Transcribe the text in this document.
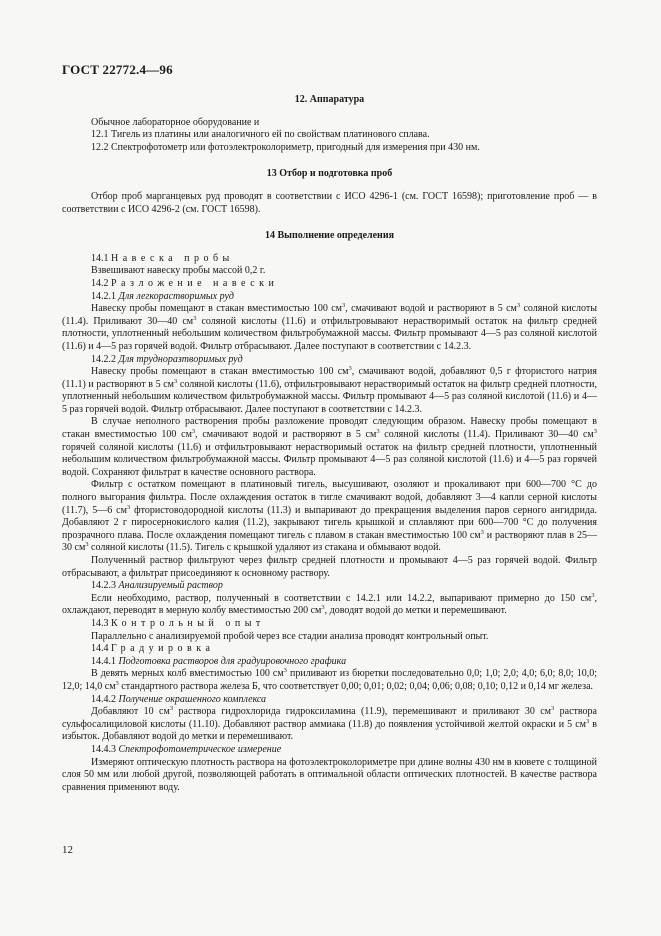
ГОСТ 22772.4—96
12. Аппаратура

Обычное лабораторное оборудование и

12.1 Тигель из платины или аналогичного ей по свойствам платинового сплава.

12.2 Спектрофотометр или фотоэлектроколориметр, пригодный для измерения при 430 нм.

13 Отбор и подготовка проб

Отбор проб марганцевых руд проводят в соответствии с ИСО 4296-1 (см. ГОСТ 16598); приготовление проб — в соответствии с ИСО 4296-2 (см. ГОСТ 16598).

14 Выполнение определения

14.1 Навеска пробы

Взвешивают навеску пробы массой 0,2 г.

14.2 Разложение навески

14.2.1 Для легкорастворимых руд

Навеску пробы помещают в стакан вместимостью 100 $см^3$, смачивают водой и растворяют в 5 $см^3$ соляной кислоты (11.4). Приливают 30—40 $см^3$ соляной кислоты (11.6) и отфильтровывают нерастворимый остаток на фильтр средней плотности, уплотненный небольшим количеством фильтробумажной массы. Фильтр промывают 4—5 раз соляной кислотой (11.6) и 4—5 раз горячей водой. Фильтр отбрасывают. Далее поступают в соответствии с 14.2.3.

14.2.2 Для трудноразтворимых руд

Навеску пробы помещают в стакан вместимостью 100 $см^3$, смачивают водой, добавляют 0,5 г фтористого натрия (11.1) и растворяют в 5 $см^3$ соляной кислоты (11.6), отфильтровывают нерастворимый остаток на фильтр средней плотности, уплотненный небольшим количеством фильтробумажной массы. Фильтр промывают 4—5 раз соляной кислотой (11.6) и 4—5 раз горячей водой. Фильтр отбрасывают. Далее поступают в соответствии с 14.2.3.

В случае неполного растворения пробы разложение проводят следующим образом. Навеску пробы помещают в стакан вместимостью 100 $см^3$, смачивают водой и растворяют в 5 $см^3$ соляной кислоты (11.4). Приливают 30—40 $см^3$ горячей соляной кислоты (11.6) и отфильтровывают нерастворимый остаток на фильтр средней плотности, уплотненный небольшим количеством фильтробумажной массы. Фильтр промывают 4—5 раз соляной кислотой (11.6) и 4—5 раз горячей водой. Сохраняют фильтрат в качестве основного раствора.

Фильтр с остатком помещают в платиновый тигель, высушивают, озоляют и прокаливают при 600—700 °С до полного выгорания фильтра. После охлаждения остаток в тигле смачивают водой, добавляют 3—4 капли серной кислоты (11.7), 5—6 $см^3$ фтористоводородной кислоты (11.3) и выпаривают до прекращения выделения паров серного ангидрида. Добавляют 2 г пиросернокислого калия (11.2), закрывают тигель крышкой и сплавляют при 600—700 °С до получения прозрачного плава. После охлаждения помещают тигель с плавом в стакан вместимостью 100 $см^3$ и растворяют плав в 25—30 $см^3$ соляной кислоты (11.5). Тигель с крышкой удаляют из стакана и обмывают водой.

Полученный раствор фильтруют через фильтр средней плотности и промывают 4—5 раз горячей водой. Фильтр отбрасывают, а фильтрат присоединяют к основному раствору.

14.2.3 Анализируемый раствор

Если необходимо, раствор, полученный в соответствии с 14.2.1 или 14.2.2, выпаривают примерно до 150 $см^3$, охлаждают, переводят в мерную колбу вместимостью 200 $см^3$, доводят водой до метки и перемешивают.

14.3 Контрольный опыт

Параллельно с анализируемой пробой через все стадии анализа проводят контрольный опыт.

14.4 Градуировка

14.4.1 Подготовка растворов для градуировочного графика

В девять мерных колб вместимостью 100 $см^3$ приливают из бюретки последовательно 0,0; 1,0; 2,0; 4,0; 6,0; 8,0; 10,0; 12,0; 14,0 $см^3$ стандартного раствора железа Б, что соответствует 0,00; 0,01; 0,02; 0,04; 0,06; 0,08; 0,10; 0,12 и 0,14 мг железа.

14.4.2 Получение окрашенного комплекса

Добавляют 10 $см^3$ раствора гидрохлорида гидроксиламина (11.9), перемешивают и приливают 30 $см^3$ раствора сульфосалициловой кислоты (11.10). Добавляют раствор аммиака (11.8) до появления устойчивой желтой окраски и 5 $см^3$ в избыток. Добавляют водой до метки и перемешивают.

14.4.3 Спектрофотометрическое измерение

Измеряют оптическую плотность раствора на фотоэлектроколориметре при длине волны 430 нм в кювете с толщиной слоя 50 мм или любой другой, позволяющей работать в оптимальной области оптических плотностей. В качестве раствора сравнения применяют воду.

12
